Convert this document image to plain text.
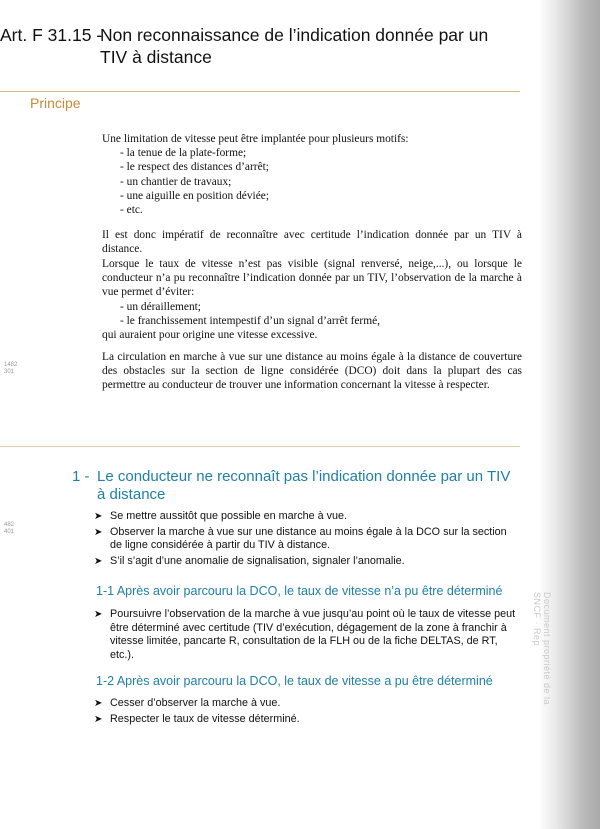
Document propriété de la SNCF · Rep
Art. F 31.15 -
Non reconnaissance de l’indication donnée par un TIV à distance
Principe
Une limitation de vitesse peut être implantée pour plusieurs motifs:
- la tenue de la plate-forme;
- le respect des distances d’arrêt;
- un chantier de travaux;
- une aiguille en position déviée;
- etc.
Il est donc impératif de reconnaître avec certitude l’indication donnée par un TIV à distance.
Lorsque le taux de vitesse n’est pas visible (signal renversé, neige,...), ou lorsque le conducteur n’a pu reconnaître l’indication donnée par un TIV, l’observation de la marche à vue permet d’éviter:
- un déraillement;
- le franchissement intempestif d’un signal d’arrêt fermé,
qui auraient pour origine une vitesse excessive.
La circulation en marche à vue sur une distance au moins égale à la distance de couverture des obstacles sur la section de ligne considérée (DCO) doit dans la plupart des cas permettre au conducteur de trouver une information concernant la vitesse à respecter.
1482
301
1 - Le conducteur ne reconnaît pas l’indication donnée par un TIV à distance
482
401
➤ Se mettre aussitôt que possible en marche à vue.
➤ Observer la marche à vue sur une distance au moins égale à la DCO sur la section de ligne considérée à partir du TIV à distance.
➤ S’il s’agit d’une anomalie de signalisation, signaler l’anomalie.
1-1 Après avoir parcouru la DCO, le taux de vitesse n’a pu être déterminé
➤ Poursuivre l’observation de la marche à vue jusqu’au point où le taux de vitesse peut être déterminé avec certitude (TIV d’exécution, dégagement de la zone à franchir à vitesse limitée, pancarte R, consultation de la FLH ou de la fiche DELTAS, de RT, etc.).
1-2 Après avoir parcouru la DCO, le taux de vitesse a pu être déterminé
➤ Cesser d’observer la marche à vue.
➤ Respecter le taux de vitesse déterminé.
